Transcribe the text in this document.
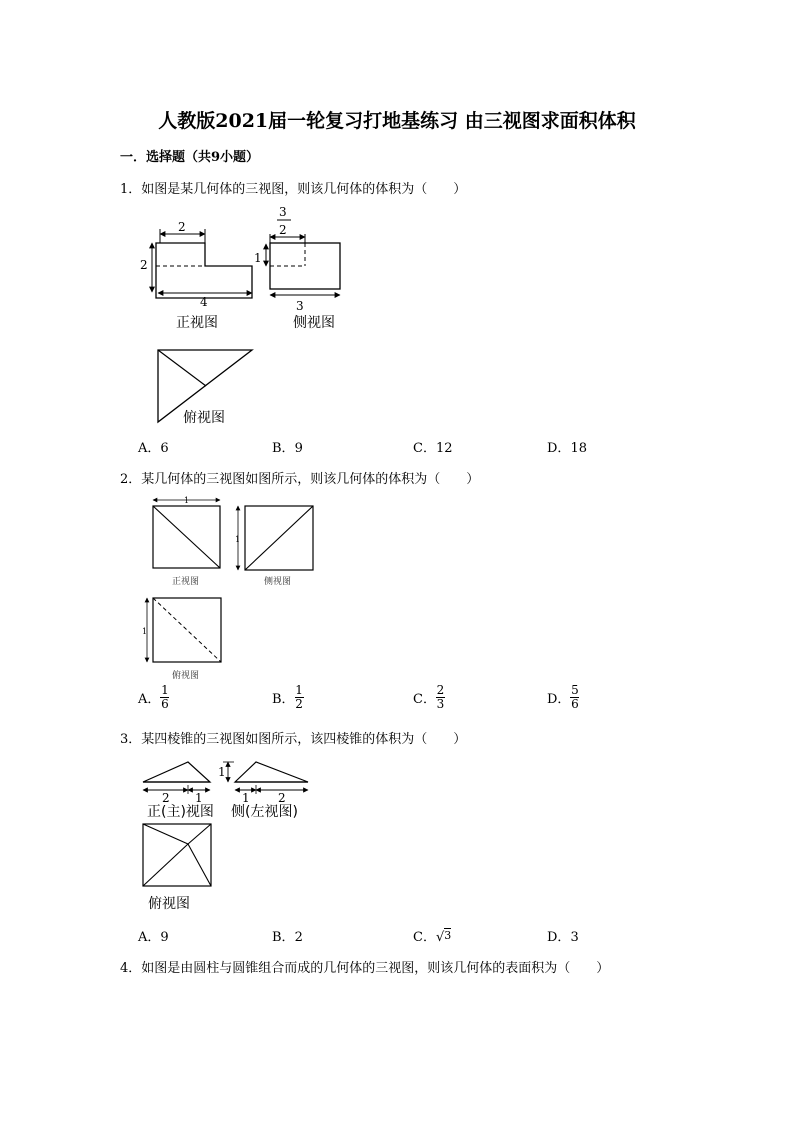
人教版2021届一轮复习打地基练习 由三视图求面积体积
一．选择题（共9小题）
1．如图是某几何体的三视图，则该几何体的体积为（　　）
2
2
4
正视图
3
2
1
3
侧视图
俯视图
A．6	B．9	C．12	D．18
2．某几何体的三视图如图所示，则该几何体的体积为（　　）
1
正视图
1
侧视图
1
俯视图
A． $\frac{1}{6}$	B． $\frac{1}{2}$	C． $\frac{2}{3}$	D． $\frac{5}{6}$
3．某四棱锥的三视图如图所示，该四棱锥的体积为（　　）
2 1
正(主)视图
1
1 2
侧(左视图)
俯视图
A．9	B．2	C．√3	D．3
4．如图是由圆柱与圆锥组合而成的几何体的三视图，则该几何体的表面积为（　　）
